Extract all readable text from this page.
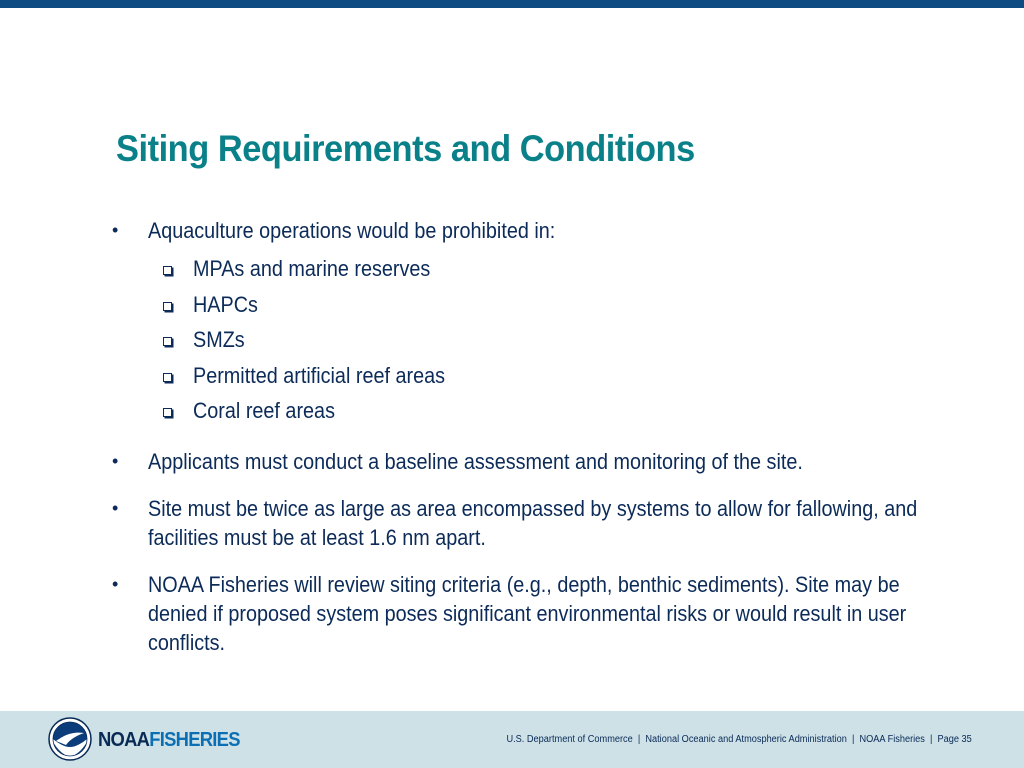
Siting Requirements and Conditions
• Aquaculture operations would be prohibited in:
MPAs and marine reserves
HAPCs
SMZs
Permitted artificial reef areas
Coral reef areas
• Applicants must conduct a baseline assessment and monitoring of the site.
• Site must be twice as large as area encompassed by systems to allow for fallowing, and facilities must be at least 1.6 nm apart.
• NOAA Fisheries will review siting criteria (e.g., depth, benthic sediments). Site may be denied if proposed system poses significant environmental risks or would result in user conflicts.
NOAAFISHERIES	U.S. Department of Commerce  |  National Oceanic and Atmospheric Administration  |  NOAA Fisheries  |  Page 35
